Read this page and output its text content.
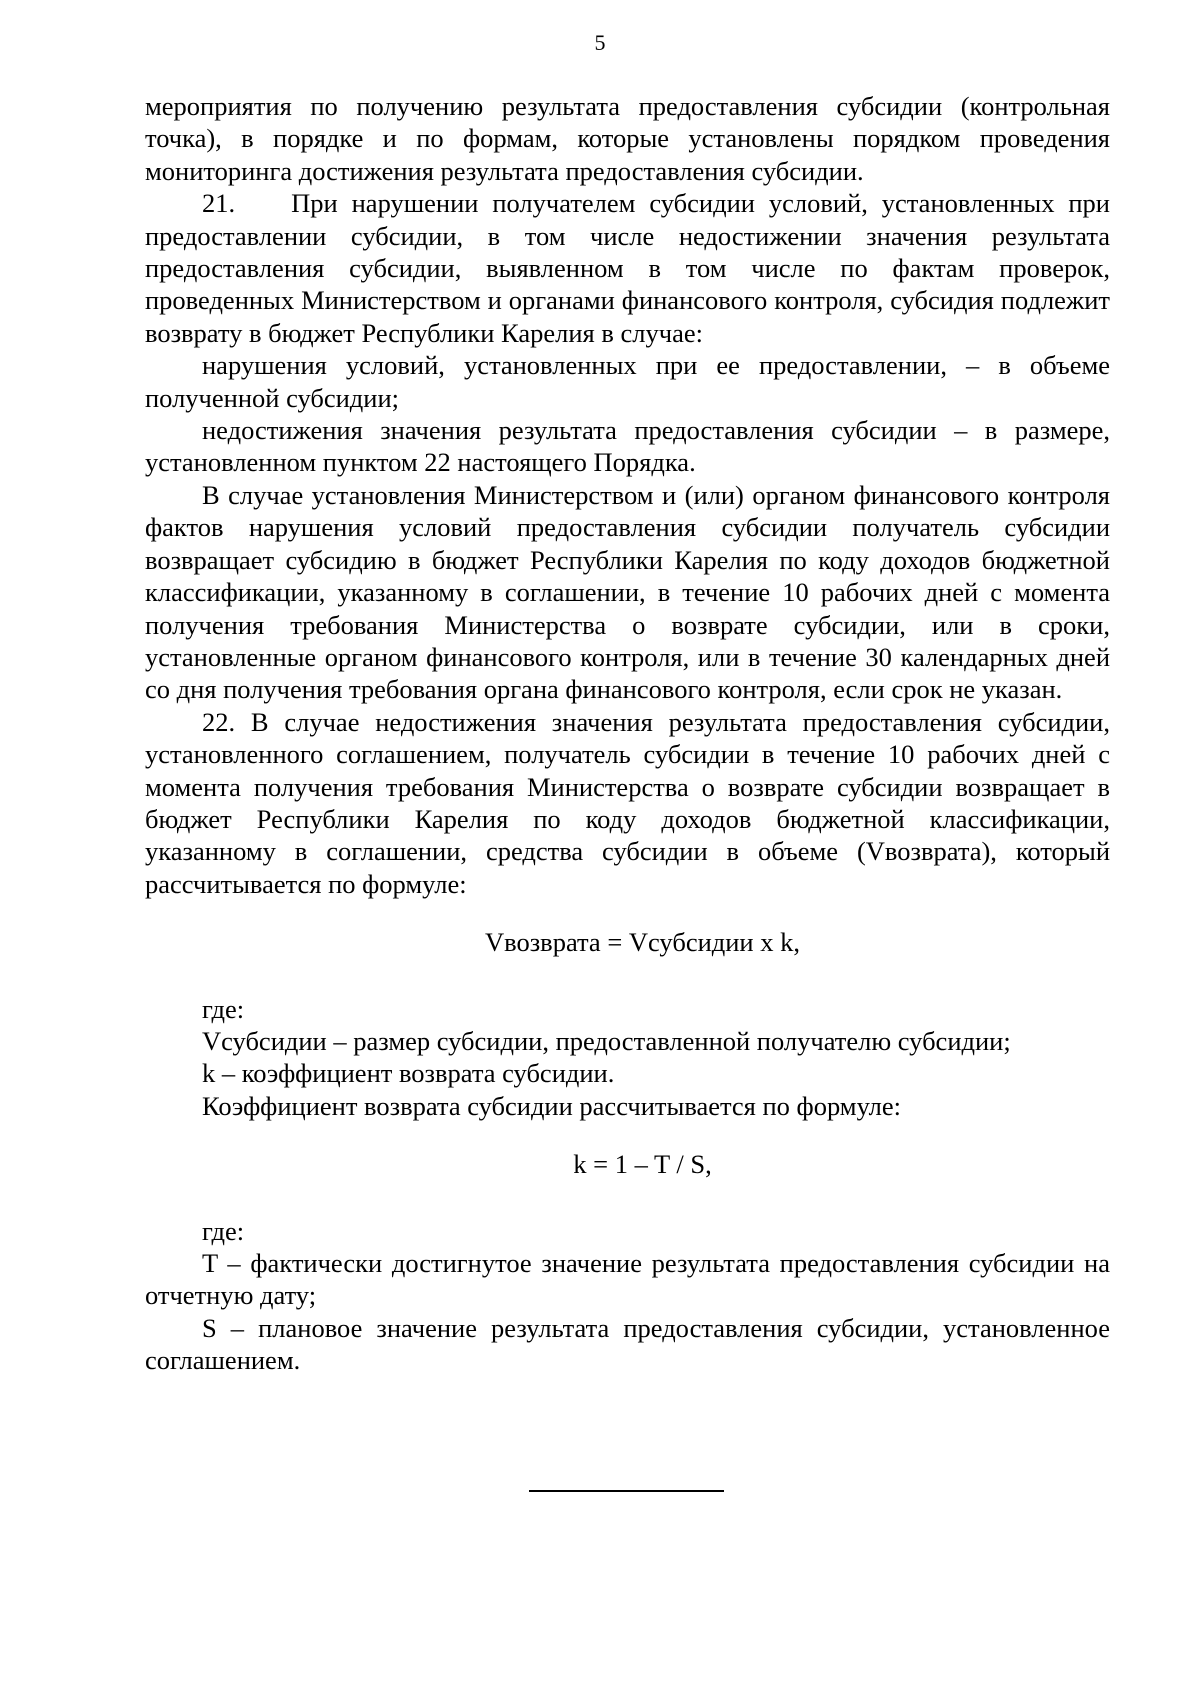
5

мероприятия по получению результата предоставления субсидии (контрольная точка), в порядке и по формам, которые установлены порядком проведения мониторинга достижения результата предоставления субсидии.

21. При нарушении получателем субсидии условий, установленных при предоставлении субсидии, в том числе недостижении значения результата предоставления субсидии, выявленном в том числе по фактам проверок, проведенных Министерством и органами финансового контроля, субсидия подлежит возврату в бюджет Республики Карелия в случае:

нарушения условий, установленных при ее предоставлении, – в объеме полученной субсидии;

недостижения значения результата предоставления субсидии – в размере, установленном пунктом 22 настоящего Порядка.

В случае установления Министерством и (или) органом финансового контроля фактов нарушения условий предоставления субсидии получатель субсидии возвращает субсидию в бюджет Республики Карелия по коду доходов бюджетной классификации, указанному в соглашении, в течение 10 рабочих дней с момента получения требования Министерства о возврате субсидии, или в сроки, установленные органом финансового контроля, или в течение 30 календарных дней со дня получения требования органа финансового контроля, если срок не указан.

22. В случае недостижения значения результата предоставления субсидии, установленного соглашением, получатель субсидии в течение 10 рабочих дней с момента получения требования Министерства о возврате субсидии возвращает в бюджет Республики Карелия по коду доходов бюджетной классификации, указанному в соглашении, средства субсидии в объеме (Vвозврата), который рассчитывается по формуле:

Vвозврата = Vсубсидии x k,

где:

Vсубсидии – размер субсидии, предоставленной получателю субсидии;

k – коэффициент возврата субсидии.

Коэффициент возврата субсидии рассчитывается по формуле:

k = 1 – T / S,

где:

T – фактически достигнутое значение результата предоставления субсидии на отчетную дату;

S – плановое значение результата предоставления субсидии, установленное соглашением.
